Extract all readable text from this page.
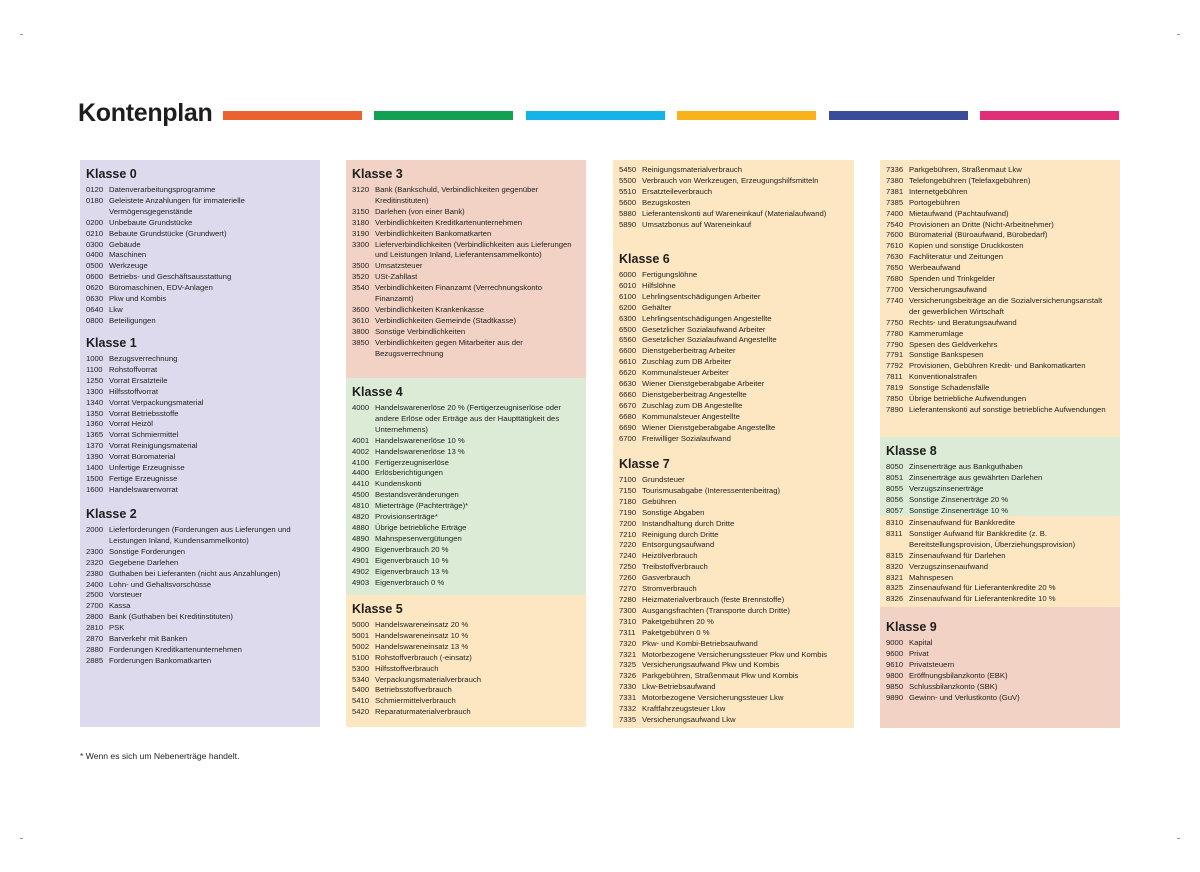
Kontenplan
Klasse 0
0120 Datenverarbeitungsprogramme
0180 Geleistete Anzahlungen für immaterielle Vermögensgegenstände
0200 Unbebaute Grundstücke
0210 Bebaute Grundstücke (Grundwert)
0300 Gebäude
0400 Maschinen
0500 Werkzeuge
0600 Betriebs- und Geschäftsausstattung
0620 Büromaschinen, EDV-Anlagen
0630 Pkw und Kombis
0640 Lkw
0800 Beteiligungen
Klasse 1
1000 Bezugsverrechnung
1100 Rohstoffvorrat
1250 Vorrat Ersatzteile
1300 Hilfsstoffvorrat
1340 Vorrat Verpackungsmaterial
1350 Vorrat Betriebsstoffe
1360 Vorrat Heizöl
1365 Vorrat Schmiermittel
1370 Vorrat Reinigungsmaterial
1390 Vorrat Büromaterial
1400 Unfertige Erzeugnisse
1500 Fertige Erzeugnisse
1600 Handelswarenvorrat
Klasse 2
2000 Lieferforderungen (Forderungen aus Lieferungen und Leistungen Inland, Kundensammelkonto)
2300 Sonstige Forderungen
2320 Gegebene Darlehen
2380 Guthaben bei Lieferanten (nicht aus Anzahlungen)
2400 Lohn- und Gehaltsvorschüsse
2500 Vorsteuer
2700 Kassa
2800 Bank (Guthaben bei Kreditinstituten)
2810 PSK
2870 Barverkehr mit Banken
2880 Forderungen Kreditkartenunternehmen
2885 Forderungen Bankomatkarten
Klasse 3
3120 Bank (Bankschuld, Verbindlichkeiten gegenüber Kreditinstituten)
3150 Darlehen (von einer Bank)
3180 Verbindlichkeiten Kreditkartenunternehmen
3190 Verbindlichkeiten Bankomatkarten
3300 Lieferverbindlichkeiten (Verbindlichkeiten aus Lieferungen und Leistungen Inland, Lieferantensammelkonto)
3500 Umsatzsteuer
3520 USt-Zahllast
3540 Verbindlichkeiten Finanzamt (Verrechnungskonto Finanzamt)
3600 Verbindlichkeiten Krankenkasse
3610 Verbindlichkeiten Gemeinde (Stadtkasse)
3800 Sonstige Verbindlichkeiten
3850 Verbindlichkeiten gegen Mitarbeiter aus der Bezugsverrechnung
Klasse 4
4000 Handelswarenerlöse 20 % (Fertigerzeugniserlöse oder andere Erlöse oder Erträge aus der Haupttätigkeit des Unternehmens)
4001 Handelswarenerlöse 10 %
4002 Handelswarenerlöse 13 %
4100 Fertigerzeugniserlöse
4400 Erlösberichtigungen
4410 Kundenskonti
4500 Bestandsveränderungen
4810 Mieterträge (Pachterträge)*
4820 Provisionserträge*
4880 Übrige betriebliche Erträge
4890 Mahnspesenvergütungen
4900 Eigenverbrauch 20 %
4901 Eigenverbrauch 10 %
4902 Eigenverbrauch 13 %
4903 Eigenverbrauch 0 %
Klasse 5
5000 Handelswareneinsatz 20 %
5001 Handelswareneinsatz 10 %
5002 Handelswareneinsatz 13 %
5100 Rohstoffverbrauch (-einsatz)
5300 Hilfsstoffverbrauch
5340 Verpackungsmaterialverbrauch
5400 Betriebsstoffverbrauch
5410 Schmiermittelverbrauch
5420 Reparaturmaterialverbrauch
5450 Reinigungsmaterialverbrauch
5500 Verbrauch von Werkzeugen, Erzeugungshilfsmitteln
5510 Ersatzteileverbrauch
5600 Bezugskosten
5880 Lieferantenskonti auf Wareneinkauf (Materialaufwand)
5890 Umsatzbonus auf Wareneinkauf
Klasse 6
6000 Fertigungslöhne
6010 Hilfslöhne
6100 Lehrlingsentschädigungen Arbeiter
6200 Gehälter
6300 Lehrlingsentschädigungen Angestellte
6500 Gesetzlicher Sozialaufwand Arbeiter
6560 Gesetzlicher Sozialaufwand Angestellte
6600 Dienstgeberbeitrag Arbeiter
6610 Zuschlag zum DB Arbeiter
6620 Kommunalsteuer Arbeiter
6630 Wiener Dienstgeberabgabe Arbeiter
6660 Dienstgeberbeitrag Angestellte
6670 Zuschlag zum DB Angestellte
6680 Kommunalsteuer Angestellte
6690 Wiener Dienstgeberabgabe Angestellte
6700 Freiwilliger Sozialaufwand
Klasse 7
7100 Grundsteuer
7150 Tourismusabgabe (Interessentenbeitrag)
7180 Gebühren
7190 Sonstige Abgaben
7200 Instandhaltung durch Dritte
7210 Reinigung durch Dritte
7220 Entsorgungsaufwand
7240 Heizölverbrauch
7250 Treibstoffverbrauch
7260 Gasverbrauch
7270 Stromverbrauch
7280 Heizmaterialverbrauch (feste Brennstoffe)
7300 Ausgangsfrachten (Transporte durch Dritte)
7310 Paketgebühren 20 %
7311 Paketgebühren 0 %
7320 Pkw- und Kombi-Betriebsaufwand
7321 Motorbezogene Versicherungssteuer Pkw und Kombis
7325 Versicherungsaufwand Pkw und Kombis
7326 Parkgebühren, Straßenmaut Pkw und Kombis
7330 Lkw-Betriebsaufwand
7331 Motorbezogene Versicherungssteuer Lkw
7332 Kraftfahrzeugsteuer Lkw
7335 Versicherungsaufwand Lkw
7336 Parkgebühren, Straßenmaut Lkw
7380 Telefongebühren (Telefaxgebühren)
7381 Internetgebühren
7385 Portogebühren
7400 Mietaufwand (Pachtaufwand)
7540 Provisionen an Dritte (Nicht-Arbeitnehmer)
7600 Büromaterial (Büroaufwand, Bürobedarf)
7610 Kopien und sonstige Druckkosten
7630 Fachliteratur und Zeitungen
7650 Werbeaufwand
7680 Spenden und Trinkgelder
7700 Versicherungsaufwand
7740 Versicherungsbeiträge an die Sozialversicherungsanstalt der gewerblichen Wirtschaft
7750 Rechts- und Beratungsaufwand
7780 Kammerumlage
7790 Spesen des Geldverkehrs
7791 Sonstige Bankspesen
7792 Provisionen, Gebühren Kredit- und Bankomatkarten
7811 Konventionalstrafen
7819 Sonstige Schadensfälle
7850 Übrige betriebliche Aufwendungen
7890 Lieferantenskonti auf sonstige betriebliche Aufwendungen
Klasse 8
8050 Zinsenerträge aus Bankguthaben
8051 Zinsenerträge aus gewährten Darlehen
8055 Verzugszinsenerträge
8056 Sonstige Zinsenerträge 20 %
8057 Sonstige Zinsenerträge 10 %
8310 Zinsenaufwand für Bankkredite
8311 Sonstiger Aufwand für Bankkredite (z. B. Bereitstellungsprovision, Überziehungsprovision)
8315 Zinsenaufwand für Darlehen
8320 Verzugszinsenaufwand
8321 Mahnspesen
8325 Zinsenaufwand für Lieferantenkredite 20 %
8326 Zinsenaufwand für Lieferantenkredite 10 %
Klasse 9
9000 Kapital
9600 Privat
9610 Privatsteuern
9800 Eröffnungsbilanzkonto (EBK)
9850 Schlussbilanzkonto (SBK)
9890 Gewinn- und Verlustkonto (GuV)
* Wenn es sich um Nebenerträge handelt.
